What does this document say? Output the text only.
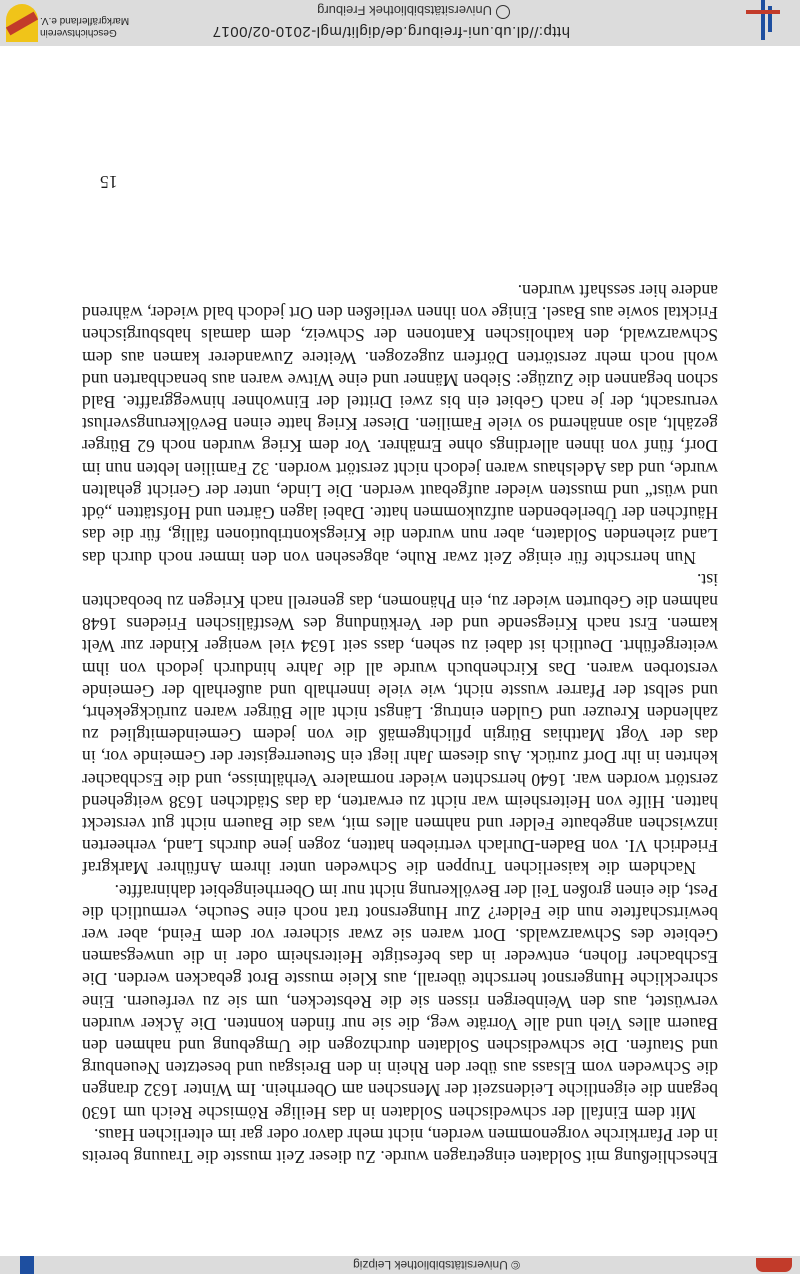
© Universitätsbibliothek Leipzig

Eheschließung mit Soldaten eingetragen wurde. Zu dieser Zeit musste die Trauung bereits in der Pfarrkirche vorgenommen werden, nicht mehr davor oder gar im elterlichen Haus.

Mit dem Einfall der schwedischen Soldaten in das Heilige Römische Reich um 1630 begann die eigentliche Leidenszeit der Menschen am Oberrhein. Im Winter 1632 drangen die Schweden vom Elsass aus über den Rhein in den Breisgau und besetzten Neuenburg und Staufen. Die schwedischen Soldaten durchzogen die Umgebung und nahmen den Bauern alles Vieh und alle Vorräte weg, die sie nur finden konnten. Die Äcker wurden verwüstet, aus den Weinbergen rissen sie die Rebstecken, um sie zu verfeuern. Eine schreckliche Hungersnot herrschte überall, aus Kleie musste Brot gebacken werden. Die Eschbacher flohen, entweder in das befestigte Heitersheim oder in die unwegsamen Gebiete des Schwarzwalds. Dort waren sie zwar sicherer vor dem Feind, aber wer bewirtschaftete nun die Felder? Zur Hungersnot trat noch eine Seuche, vermutlich die Pest, die einen großen Teil der Bevölkerung nicht nur im Oberrheingebiet dahinraffte.

Nachdem die kaiserlichen Truppen die Schweden unter ihrem Anführer Markgraf Friedrich VI. von Baden-Durlach vertrieben hatten, zogen jene durchs Land, verheerten inzwischen angebaute Felder und nahmen alles mit, was die Bauern nicht gut versteckt hatten. Hilfe von Heitersheim war nicht zu erwarten, da das Städtchen 1638 weitgehend zerstört worden war. 1640 herrschten wieder normalere Verhältnisse, und die Eschbacher kehrten in ihr Dorf zurück. Aus diesem Jahr liegt ein Steuerregister der Gemeinde vor, in das der Vogt Matthias Bürgin pflichtgemäß die von jedem Gemeindemitglied zu zahlenden Kreuzer und Gulden eintrug. Längst nicht alle Bürger waren zurückgekehrt, und selbst der Pfarrer wusste nicht, wie viele innerhalb und außerhalb der Gemeinde verstorben waren. Das Kirchenbuch wurde all die Jahre hindurch jedoch von ihm weitergeführt. Deutlich ist dabei zu sehen, dass seit 1634 viel weniger Kinder zur Welt kamen. Erst nach Kriegsende und der Verkündung des Westfälischen Friedens 1648 nahmen die Geburten wieder zu, ein Phänomen, das generell nach Kriegen zu beobachten ist.

Nun herrschte für einige Zeit zwar Ruhe, abgesehen von den immer noch durch das Land ziehenden Soldaten, aber nun wurden die Kriegskontributionen fällig, für die das Häufchen der Überlebenden aufzukommen hatte. Dabei lagen Gärten und Hofstätten „ödt und wüst“ und mussten wieder aufgebaut werden. Die Linde, unter der Gericht gehalten wurde, und das Adelshaus waren jedoch nicht zerstört worden. 32 Familien lebten nun im Dorf, fünf von ihnen allerdings ohne Ernährer. Vor dem Krieg wurden noch 62 Bürger gezählt, also annähernd so viele Familien. Dieser Krieg hatte einen Bevölkerungsverlust verursacht, der je nach Gebiet ein bis zwei Drittel der Einwohner hinweggraffte. Bald schon begannen die Zuzüge: Sieben Männer und eine Witwe waren aus benachbarten und wohl noch mehr zerstörten Dörfern zugezogen. Weitere Zuwanderer kamen aus dem Schwarzwald, den katholischen Kantonen der Schweiz, dem damals habsburgischen Fricktal sowie aus Basel. Einige von ihnen verließen den Ort jedoch bald wieder, während andere hier sesshaft wurden.

15
http://dl.ub.uni-freiburg.de/diglit/mgl-2010-02/0017
Universitätsbibliothek Freiburg
Geschichtsverein
Markgräflerland e.V.
